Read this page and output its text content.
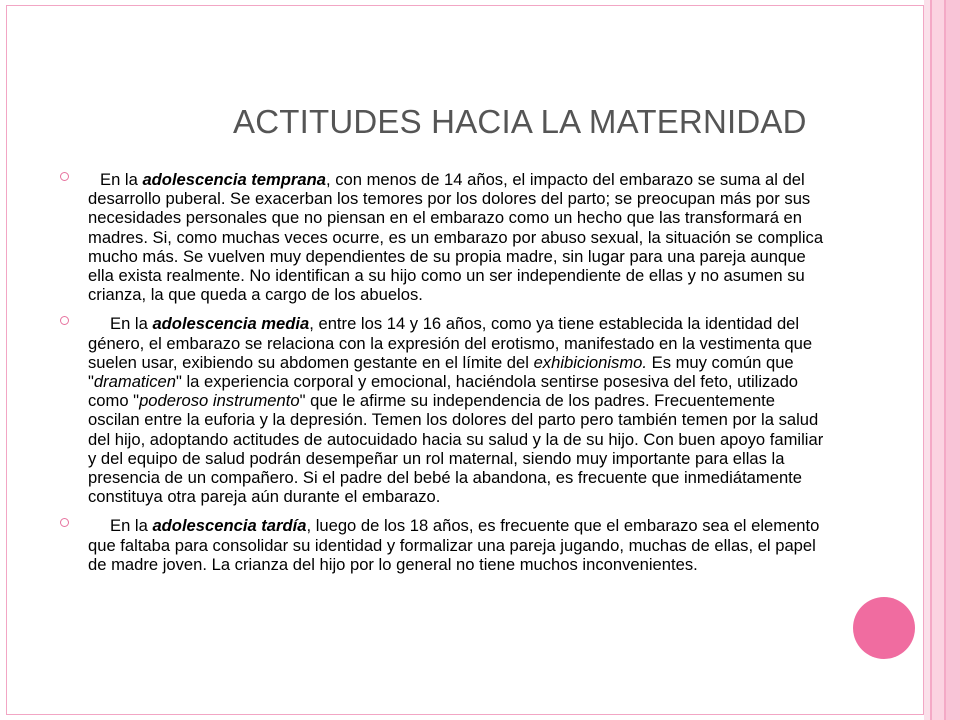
ACTITUDES HACIA LA MATERNIDAD

En la adolescencia temprana, con menos de 14 años, el impacto del embarazo se suma al del desarrollo puberal. Se exacerban los temores por los dolores del parto; se preocupan más por sus necesidades personales que no piensan en el embarazo como un hecho que las transformará en madres. Si, como muchas veces ocurre, es un embarazo por abuso sexual, la situación se complica mucho más. Se vuelven muy dependientes de su propia madre, sin lugar para una pareja aunque ella exista realmente. No identifican a su hijo como un ser independiente de ellas y no asumen su crianza, la que queda a cargo de los abuelos.

En la adolescencia media, entre los 14 y 16 años, como ya tiene establecida la identidad del género, el embarazo se relaciona con la expresión del erotismo, manifestado en la vestimenta que suelen usar, exibiendo su abdomen gestante en el límite del exhibicionismo. Es muy común que "dramaticen" la experiencia corporal y emocional, haciéndola sentirse posesiva del feto, utilizado como "poderoso instrumento" que le afirme su independencia de los padres. Frecuentemente oscilan entre la euforia y la depresión. Temen los dolores del parto pero también temen por la salud del hijo, adoptando actitudes de autocuidado hacia su salud y la de su hijo. Con buen apoyo familiar y del equipo de salud podrán desempeñar un rol maternal, siendo muy importante para ellas la presencia de un compañero. Si el padre del bebé la abandona, es frecuente que inmediátamente constituya otra pareja aún durante el embarazo.

En la adolescencia tardía, luego de los 18 años, es frecuente que el embarazo sea el elemento que faltaba para consolidar su identidad y formalizar una pareja jugando, muchas de ellas, el papel de madre joven. La crianza del hijo por lo general no tiene muchos inconvenientes.
